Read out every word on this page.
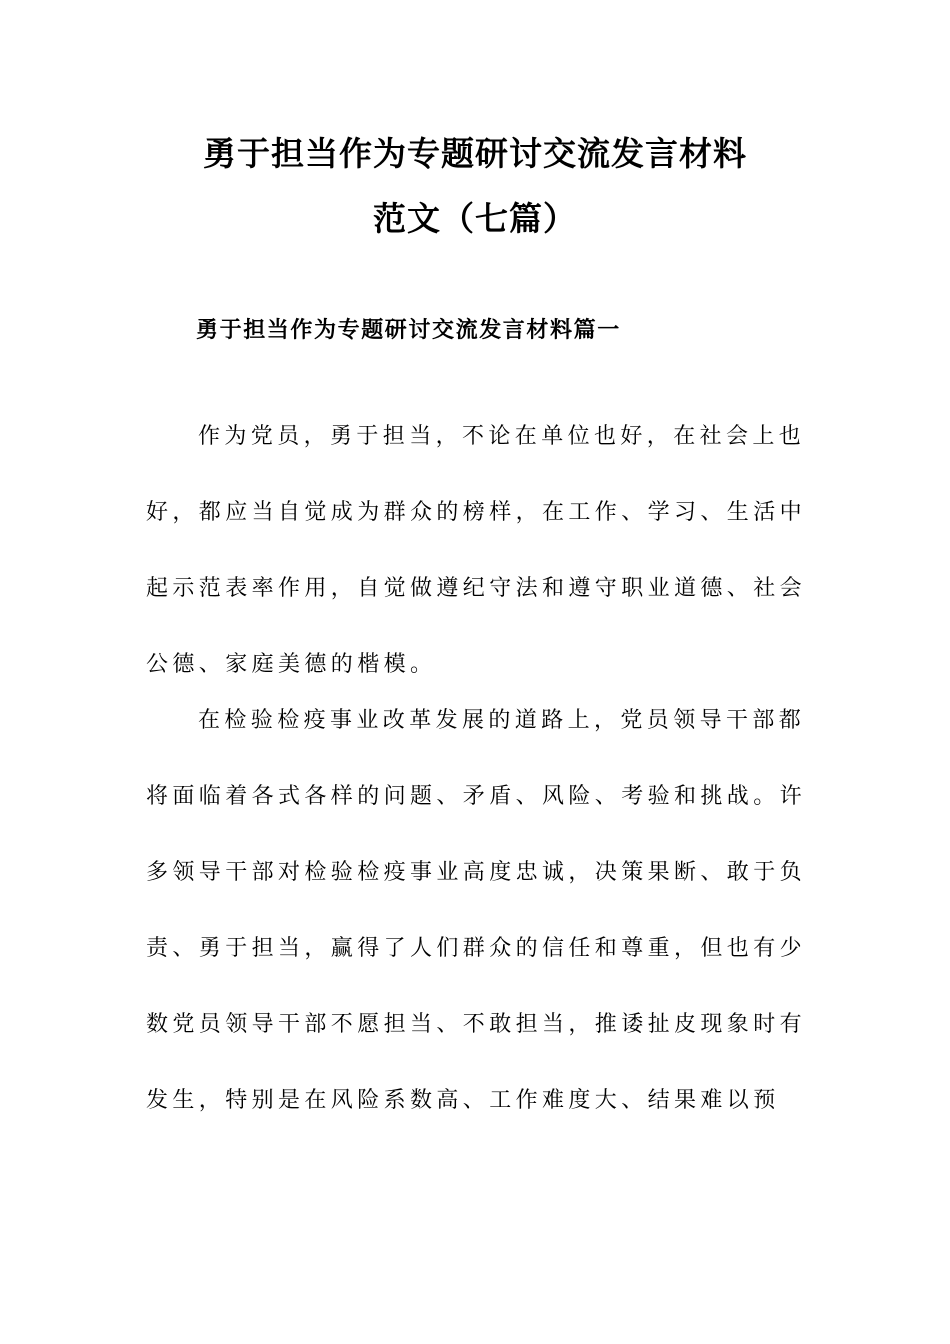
勇于担当作为专题研讨交流发言材料
范文（七篇）
勇于担当作为专题研讨交流发言材料篇一
作为党员，勇于担当，不论在单位也好，在社会上也
好，都应当自觉成为群众的榜样，在工作、学习、生活中
起示范表率作用，自觉做遵纪守法和遵守职业道德、社会
公德、家庭美德的楷模。
在检验检疫事业改革发展的道路上，党员领导干部都
将面临着各式各样的问题、矛盾、风险、考验和挑战。许
多领导干部对检验检疫事业高度忠诚，决策果断、敢于负
责、勇于担当，赢得了人们群众的信任和尊重，但也有少
数党员领导干部不愿担当、不敢担当，推诿扯皮现象时有
发生，特别是在风险系数高、工作难度大、结果难以预
